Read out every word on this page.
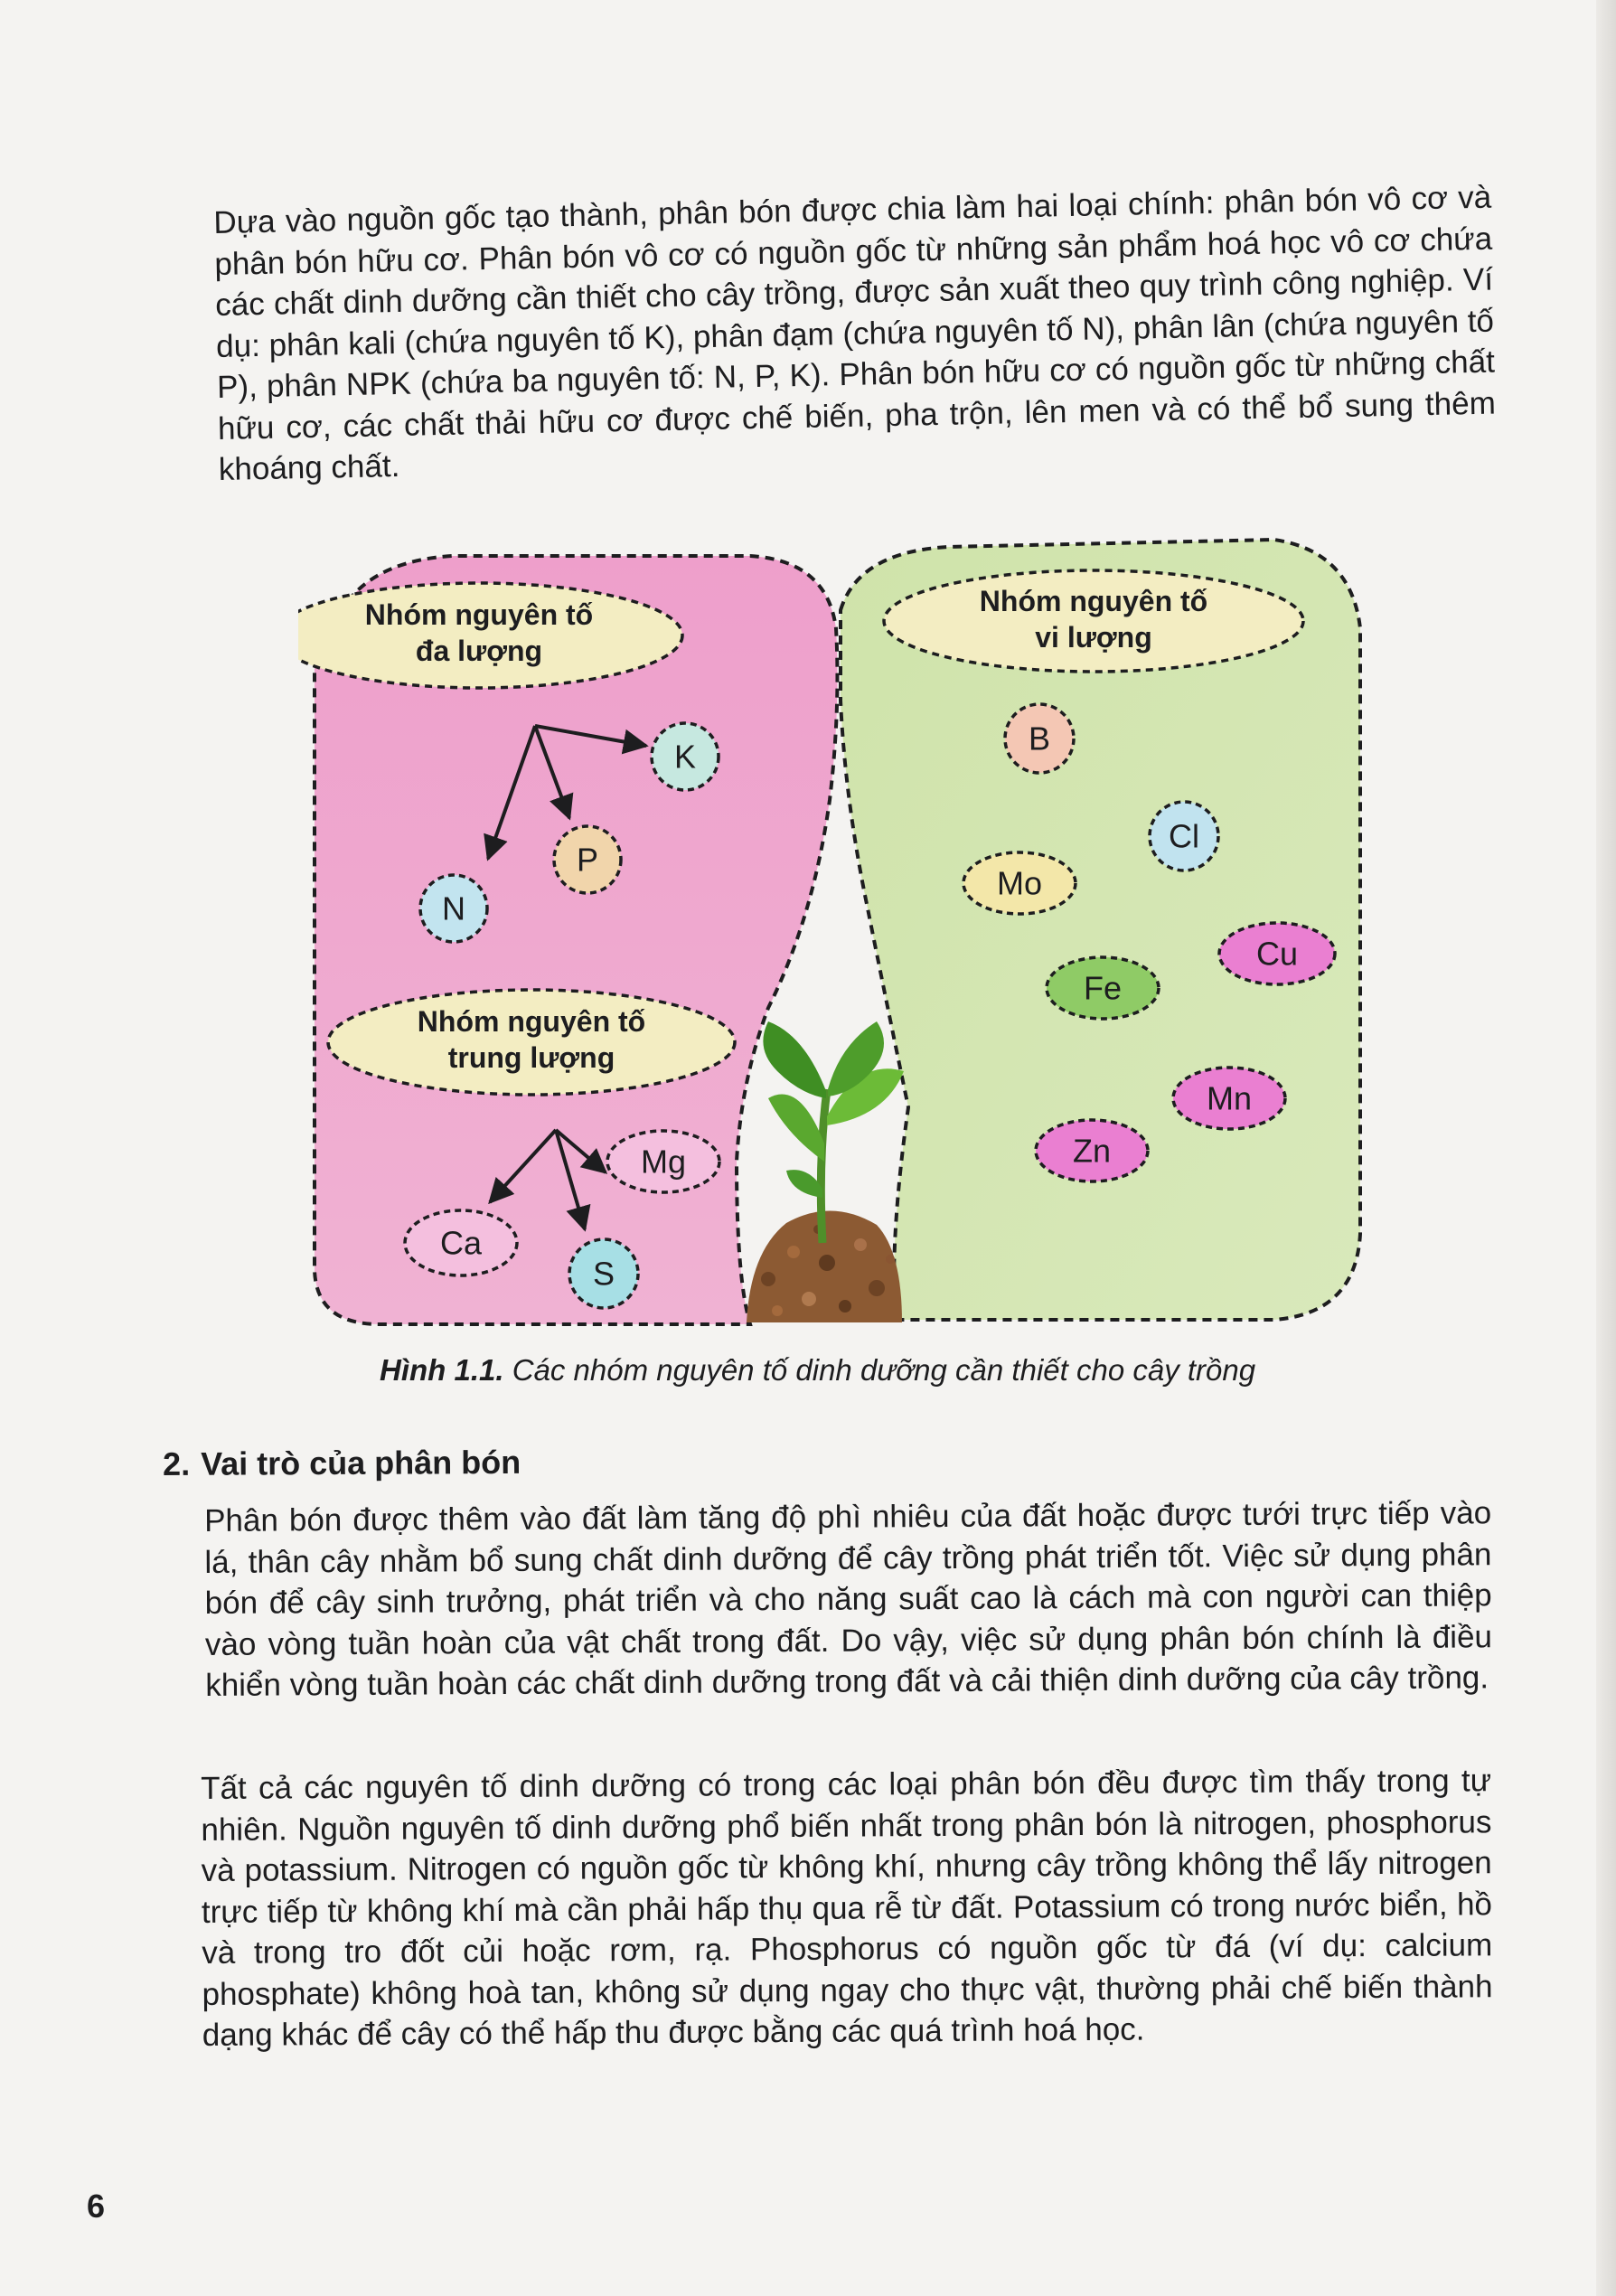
Dựa vào nguồn gốc tạo thành, phân bón được chia làm hai loại chính: phân bón vô cơ và phân bón hữu cơ. Phân bón vô cơ có nguồn gốc từ những sản phẩm hoá học vô cơ chứa các chất dinh dưỡng cần thiết cho cây trồng, được sản xuất theo quy trình công nghiệp. Ví dụ: phân kali (chứa nguyên tố K), phân đạm (chứa nguyên tố N), phân lân (chứa nguyên tố P), phân NPK (chứa ba nguyên tố: N, P, K). Phân bón hữu cơ có nguồn gốc từ những chất hữu cơ, các chất thải hữu cơ được chế biến, pha trộn, lên men và có thể bổ sung thêm khoáng chất.

Nhóm nguyên tố
đa lượng
Nhóm nguyên tố
trung lượng
Nhóm nguyên tố
vi lượng
K
P
N
Mg
Ca
S
B
Cl
Mo
Cu
Fe
Mn
Zn
Hình 1.1. Các nhóm nguyên tố dinh dưỡng cần thiết cho cây trồng
2. Vai trò của phân bón

Phân bón được thêm vào đất làm tăng độ phì nhiêu của đất hoặc được tưới trực tiếp vào lá, thân cây nhằm bổ sung chất dinh dưỡng để cây trồng phát triển tốt. Việc sử dụng phân bón để cây sinh trưởng, phát triển và cho năng suất cao là cách mà con người can thiệp vào vòng tuần hoàn của vật chất trong đất. Do vậy, việc sử dụng phân bón chính là điều khiển vòng tuần hoàn các chất dinh dưỡng trong đất và cải thiện dinh dưỡng của cây trồng.

Tất cả các nguyên tố dinh dưỡng có trong các loại phân bón đều được tìm thấy trong tự nhiên. Nguồn nguyên tố dinh dưỡng phổ biến nhất trong phân bón là nitrogen, phosphorus và potassium. Nitrogen có nguồn gốc từ không khí, nhưng cây trồng không thể lấy nitrogen trực tiếp từ không khí mà cần phải hấp thụ qua rễ từ đất. Potassium có trong nước biển, hồ và trong tro đốt củi hoặc rơm, rạ. Phosphorus có nguồn gốc từ đá (ví dụ: calcium phosphate) không hoà tan, không sử dụng ngay cho thực vật, thường phải chế biến thành dạng khác để cây có thể hấp thu được bằng các quá trình hoá học.

6
